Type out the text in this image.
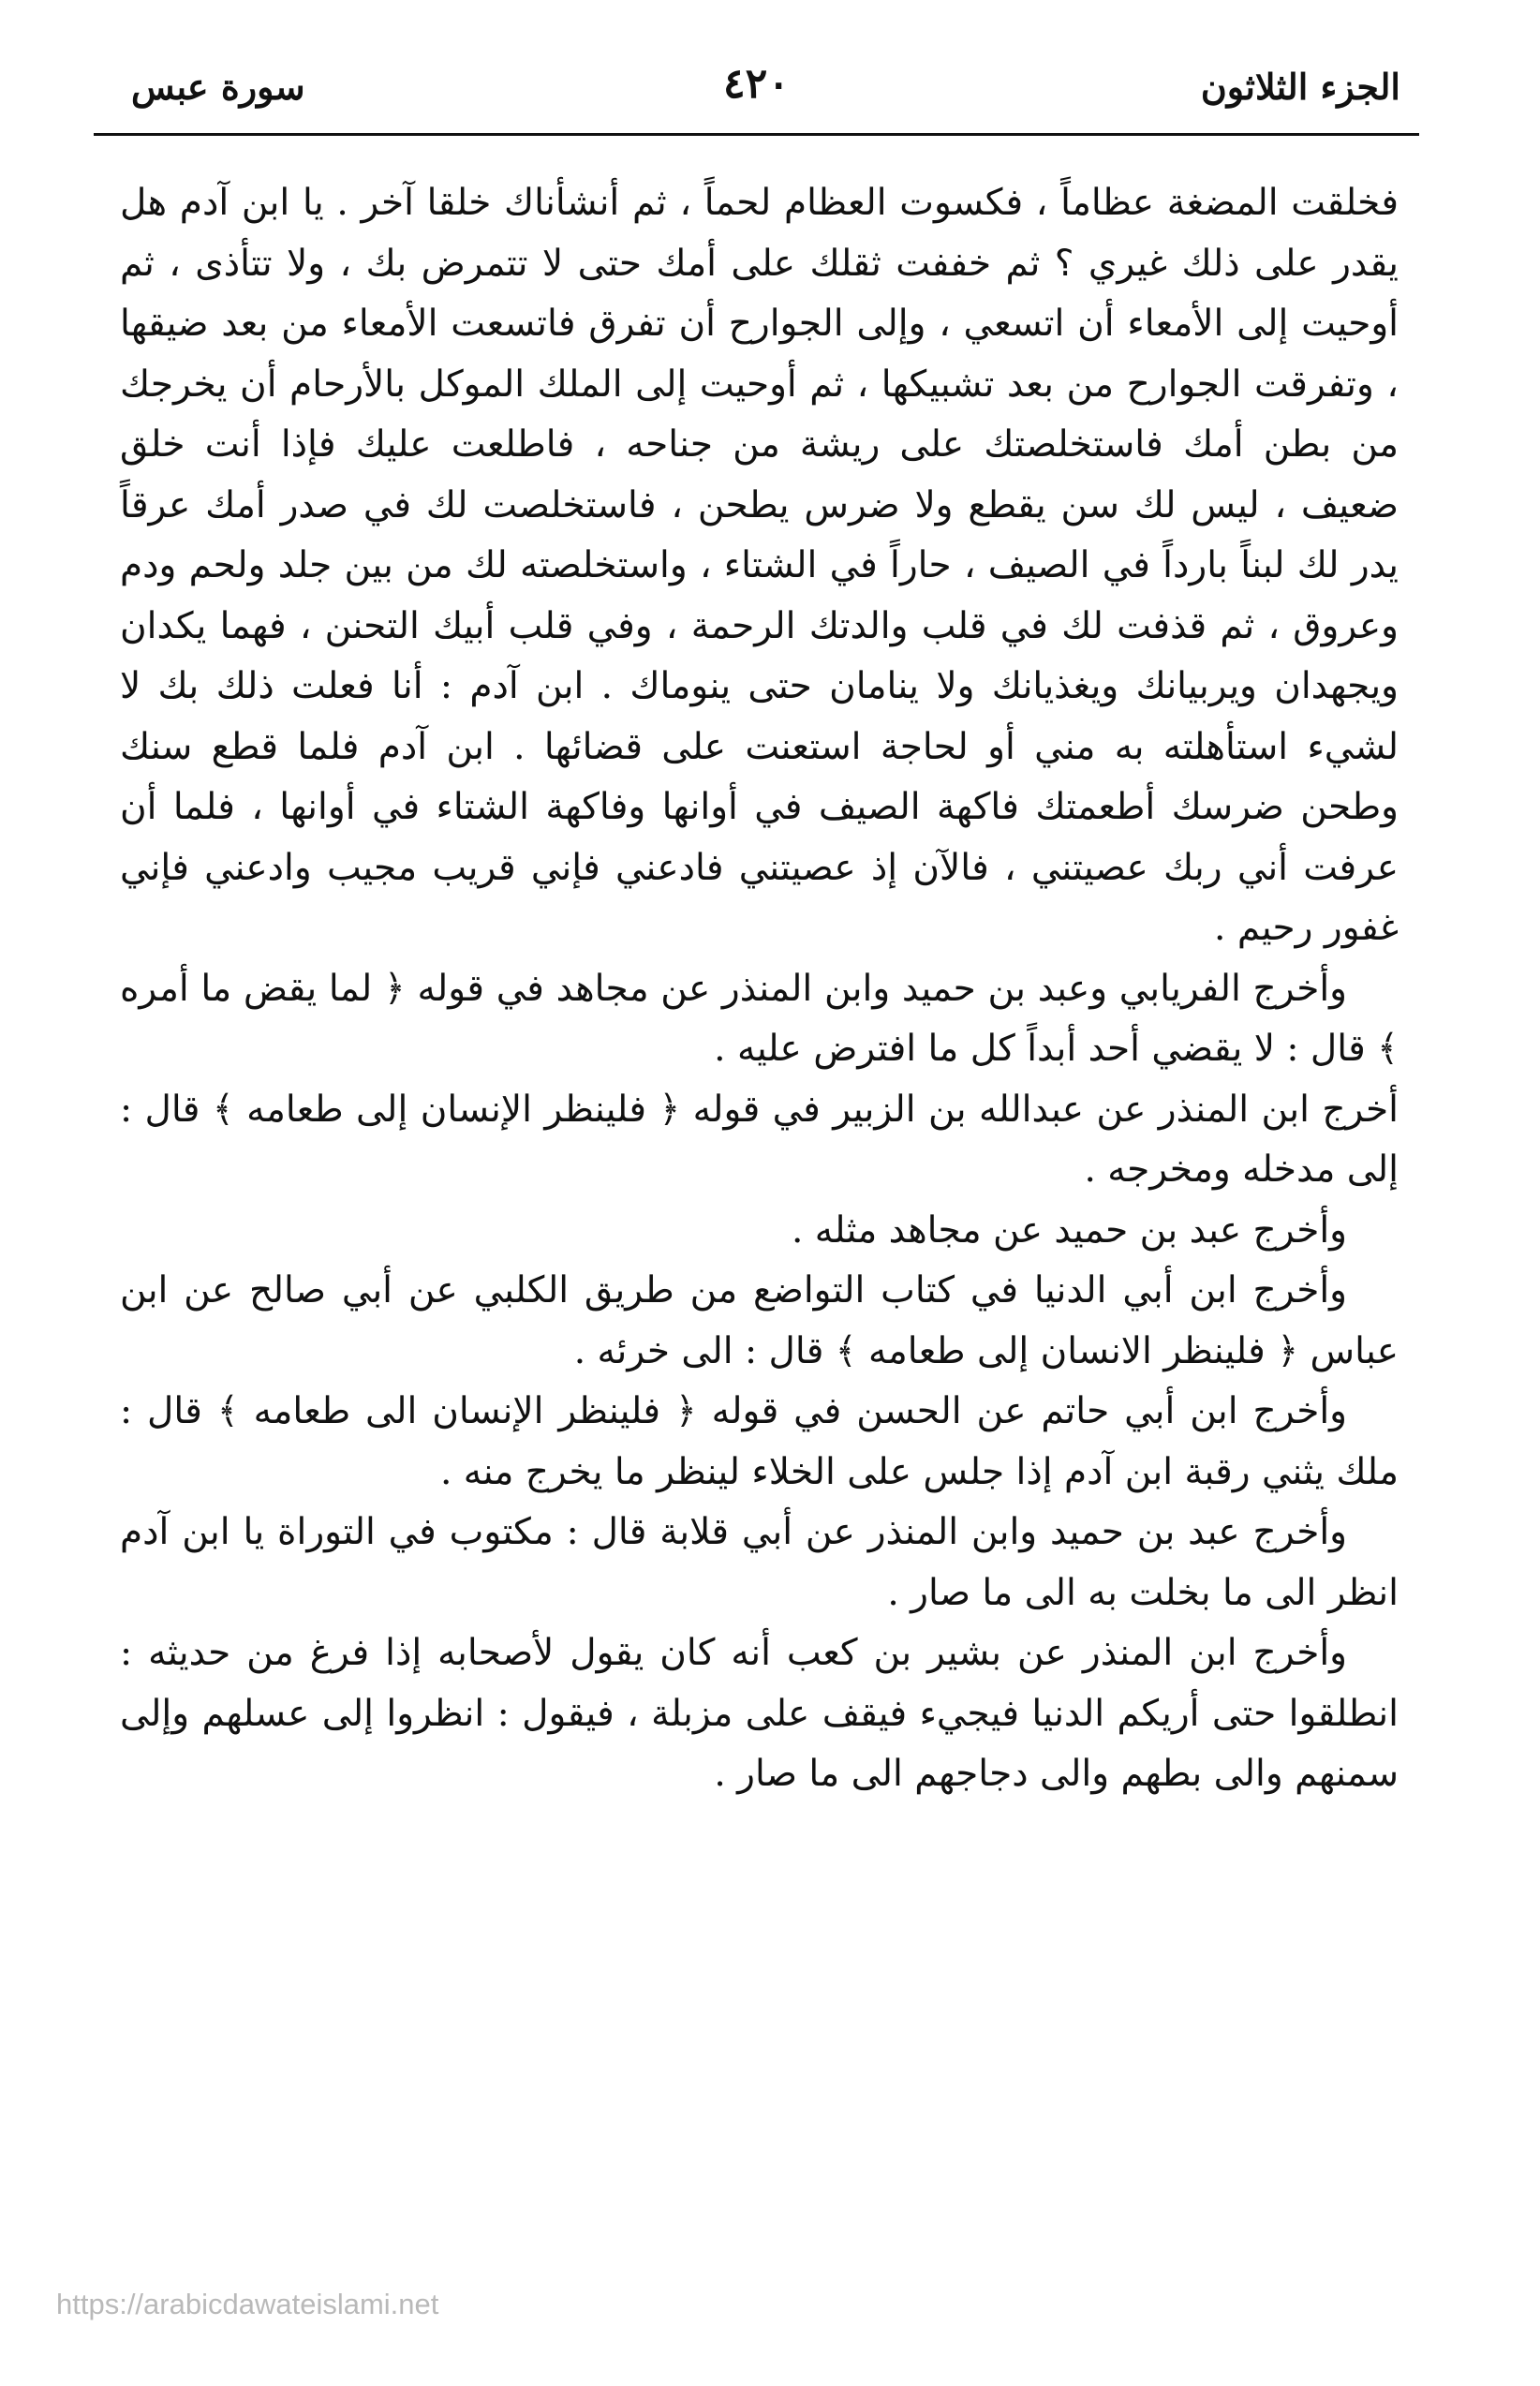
الجزء الثلاثون
٤٢٠
سورة عبس

فخلقت المضغة عظاماً ، فكسوت العظام لحماً ، ثم أنشأناك خلقا آخر . يا ابن آدم هل يقدر على ذلك غيري ؟ ثم خففت ثقلك على أمك حتى لا تتمرض بك ، ولا تتأذى ، ثم أوحيت إلى الأمعاء أن اتسعي ، وإلى الجوارح أن تفرق فاتسعت الأمعاء من بعد ضيقها ، وتفرقت الجوارح من بعد تشبيكها ، ثم أوحيت إلى الملك الموكل بالأرحام أن يخرجك من بطن أمك فاستخلصتك على ريشة من جناحه ، فاطلعت عليك فإذا أنت خلق ضعيف ، ليس لك سن يقطع ولا ضرس يطحن ، فاستخلصت لك في صدر أمك عرقاً يدر لك لبناً بارداً في الصيف ، حاراً في الشتاء ، واستخلصته لك من بين جلد ولحم ودم وعروق ، ثم قذفت لك في قلب والدتك الرحمة ، وفي قلب أبيك التحنن ، فهما يكدان ويجهدان ويربيانك ويغذيانك ولا ينامان حتى ينوماك . ابن آدم : أنا فعلت ذلك بك لا لشيء استأهلته به مني أو لحاجة استعنت على قضائها . ابن آدم فلما قطع سنك وطحن ضرسك أطعمتك فاكهة الصيف في أوانها وفاكهة الشتاء في أوانها ، فلما أن عرفت أني ربك عصيتني ، فالآن إذ عصيتني فادعني فإني قريب مجيب وادعني فإني غفور رحيم .

وأخرج الفريابي وعبد بن حميد وابن المنذر عن مجاهد في قوله ﴿ لما يقض ما أمره ﴾ قال : لا يقضي أحد أبداً كل ما افترض عليه .

أخرج ابن المنذر عن عبدالله بن الزبير في قوله ﴿ فلينظر الإنسان إلى طعامه ﴾ قال : إلى مدخله ومخرجه .

وأخرج عبد بن حميد عن مجاهد مثله .

وأخرج ابن أبي الدنيا في كتاب التواضع من طريق الكلبي عن أبي صالح عن ابن عباس ﴿ فلينظر الانسان إلى طعامه ﴾ قال : الى خرئه .

وأخرج ابن أبي حاتم عن الحسن في قوله ﴿ فلينظر الإنسان الى طعامه ﴾ قال : ملك يثني رقبة ابن آدم إذا جلس على الخلاء لينظر ما يخرج منه .

وأخرج عبد بن حميد وابن المنذر عن أبي قلابة قال : مكتوب في التوراة يا ابن آدم انظر الى ما بخلت به الى ما صار .

وأخرج ابن المنذر عن بشير بن كعب أنه كان يقول لأصحابه إذا فرغ من حديثه : انطلقوا حتى أريكم الدنيا فيجيء فيقف على مزبلة ، فيقول : انظروا إلى عسلهم وإلى سمنهم والى بطهم والى دجاجهم الى ما صار .

https://arabicdawateislami.net
